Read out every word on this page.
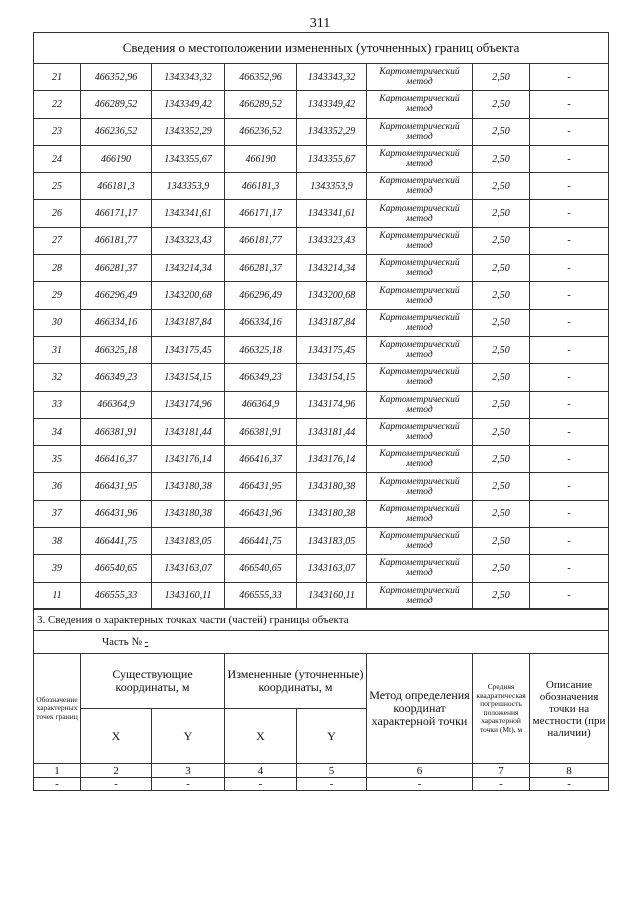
311
Сведения о местоположении измененных (уточненных) границ объекта							
21	466352,96	1343343,32	466352,96	1343343,32	Картометрический метод	2,50	-
22	466289,52	1343349,42	466289,52	1343349,42	Картометрический метод	2,50	-
23	466236,52	1343352,29	466236,52	1343352,29	Картометрический метод	2,50	-
24	466190	1343355,67	466190	1343355,67	Картометрический метод	2,50	-
25	466181,3	1343353,9	466181,3	1343353,9	Картометрический метод	2,50	-
26	466171,17	1343341,61	466171,17	1343341,61	Картометрический метод	2,50	-
27	466181,77	1343323,43	466181,77	1343323,43	Картометрический метод	2,50	-
28	466281,37	1343214,34	466281,37	1343214,34	Картометрический метод	2,50	-
29	466296,49	1343200,68	466296,49	1343200,68	Картометрический метод	2,50	-
30	466334,16	1343187,84	466334,16	1343187,84	Картометрический метод	2,50	-
31	466325,18	1343175,45	466325,18	1343175,45	Картометрический метод	2,50	-
32	466349,23	1343154,15	466349,23	1343154,15	Картометрический метод	2,50	-
33	466364,9	1343174,96	466364,9	1343174,96	Картометрический метод	2,50	-
34	466381,91	1343181,44	466381,91	1343181,44	Картометрический метод	2,50	-
35	466416,37	1343176,14	466416,37	1343176,14	Картометрический метод	2,50	-
36	466431,95	1343180,38	466431,95	1343180,38	Картометрический метод	2,50	-
37	466431,96	1343180,38	466431,96	1343180,38	Картометрический метод	2,50	-
38	466441,75	1343183,05	466441,75	1343183,05	Картометрический метод	2,50	-
39	466540,65	1343163,07	466540,65	1343163,07	Картометрический метод	2,50	-
11	466555,33	1343160,11	466555,33	1343160,11	Картометрический метод	2,50	-
3. Сведения о характерных точках части (частей) границы объекта							
Часть № -							
Обозначение характерных точек границ	Существующие координаты, м		Измененные (уточненные) координаты, м		Метод определения координат характерной точки	Средняя квадратическая погрешность положения характерной точки (Mt), м	Описание обозначения точки на местности (при наличии)
	X	Y	X	Y			
1	2	3	4	5	6	7	8
-	-	-	-	-	-	-	-
